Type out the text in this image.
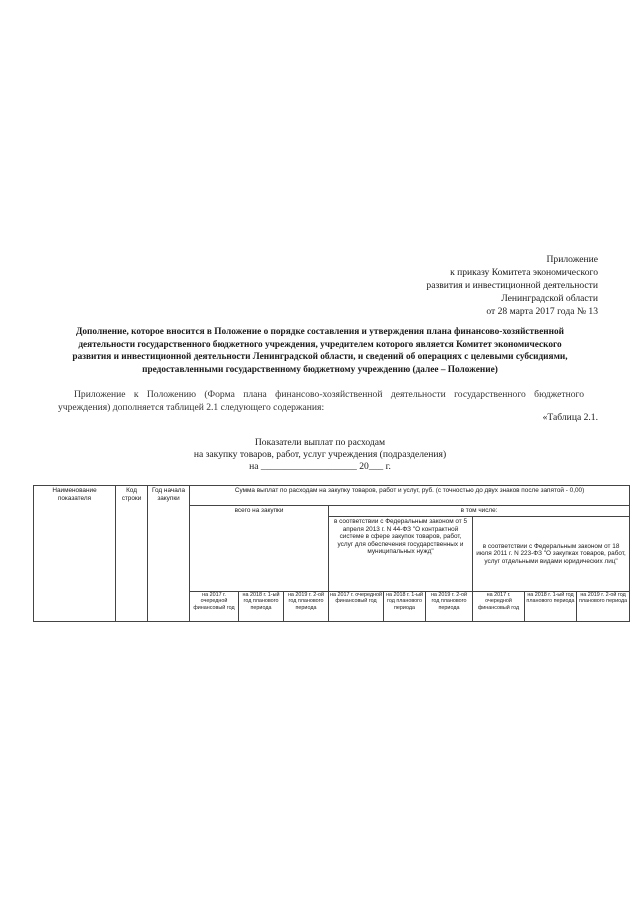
Приложение
к приказу Комитета экономического
развития и инвестиционной деятельности
Ленинградской области
от 28 марта 2017 года № 13
Дополнение, которое вносится в Положение о порядке составления и утверждения плана финансово-хозяйственной деятельности государственного бюджетного учреждения, учредителем которого является Комитет экономического развития и инвестиционной деятельности Ленинградской области, и сведений об операциях с целевыми субсидиями, предоставленными государственному бюджетному учреждению (далее – Положение)
Приложение к Положению (Форма плана финансово-хозяйственной деятельности государственного бюджетного учреждения) дополняется таблицей 2.1 следующего содержания:
«Таблица 2.1.
Показатели выплат по расходам
на закупку товаров, работ, услуг учреждения (подразделения)
на ____________________ 20___ г.
Наименование показателя	Код строки	Год начала закупки	Сумма выплат по расходам на закупку товаров, работ и услуг, руб. (с точностью до двух знаков после запятой - 0,00)								
			всего на закупки			в том числе:					
						в соответствии с Федеральным законом от 5 апреля 2013 г. N 44-ФЗ "О контрактной системе в сфере закупок товаров, работ, услуг для обеспечения государственных и муниципальных нужд"			в соответствии с Федеральным законом от 18 июля 2011 г. N 223-ФЗ "О закупках товаров, работ, услуг отдельными видами юридических лиц"		
			на 2017 г. очередной финансовый год	на 2018 г. 1-ый год планового периода	на 2019 г. 2-ой год планового периода	на 2017 г. очередной финансовый год	на 2018 г. 1-ый год планового периода	на 2019 г. 2-ой год планового периода	на 2017 г. очередной финансовый год	на 2018 г. 1-ый год планового периода	на 2019 г. 2-ой год планового периода
